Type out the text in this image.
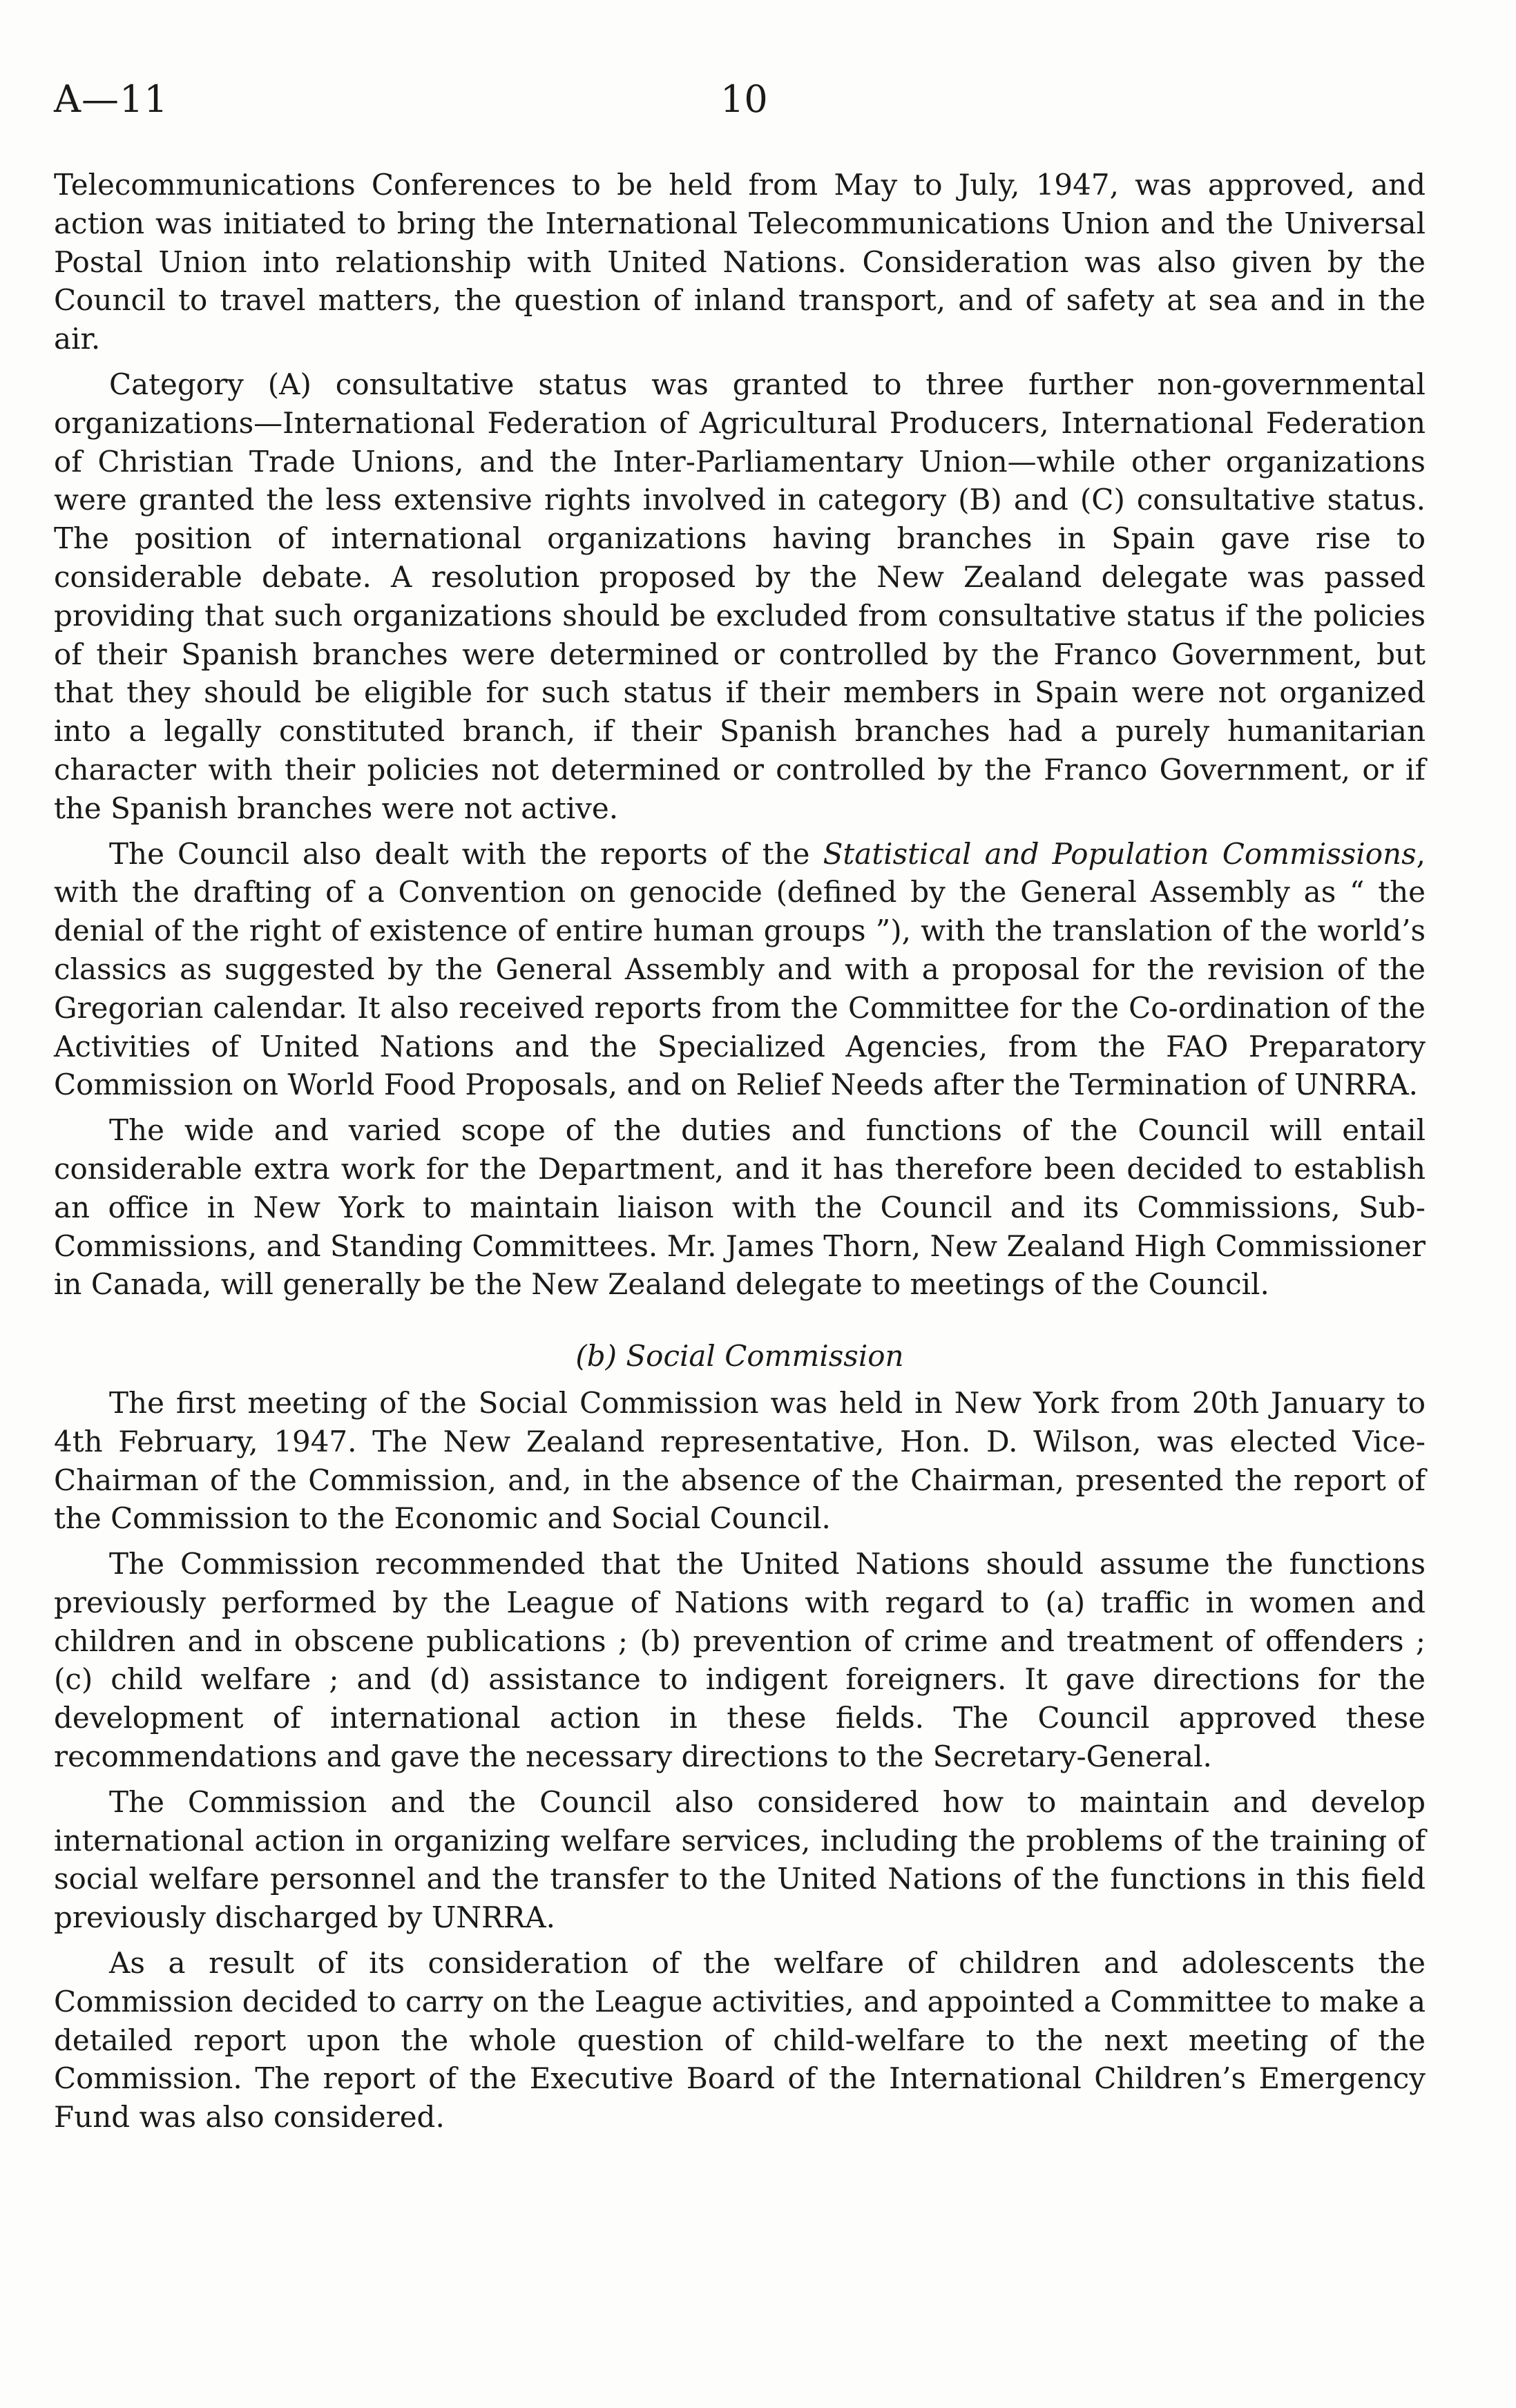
A—11	10

Telecommunications Conferences to be held from May to July, 1947, was approved, and action was initiated to bring the International Telecommunications Union and the Universal Postal Union into relationship with United Nations. Consideration was also given by the Council to travel matters, the question of inland transport, and of safety at sea and in the air.

Category (A) consultative status was granted to three further non-governmental organizations—International Federation of Agricultural Producers, International Federation of Christian Trade Unions, and the Inter-Parliamentary Union—while other organizations were granted the less extensive rights involved in category (B) and (C) consultative status. The position of international organizations having branches in Spain gave rise to considerable debate. A resolution proposed by the New Zealand delegate was passed providing that such organizations should be excluded from consultative status if the policies of their Spanish branches were determined or controlled by the Franco Government, but that they should be eligible for such status if their members in Spain were not organized into a legally constituted branch, if their Spanish branches had a purely humanitarian character with their policies not determined or controlled by the Franco Government, or if the Spanish branches were not active.

The Council also dealt with the reports of the Statistical and Population Commissions, with the drafting of a Convention on genocide (defined by the General Assembly as “ the denial of the right of existence of entire human groups ”), with the translation of the world’s classics as suggested by the General Assembly and with a proposal for the revision of the Gregorian calendar. It also received reports from the Committee for the Co-ordination of the Activities of United Nations and the Specialized Agencies, from the FAO Preparatory Commission on World Food Proposals, and on Relief Needs after the Termination of UNRRA.

The wide and varied scope of the duties and functions of the Council will entail considerable extra work for the Department, and it has therefore been decided to establish an office in New York to maintain liaison with the Council and its Commissions, Sub-Commissions, and Standing Committees. Mr. James Thorn, New Zealand High Commissioner in Canada, will generally be the New Zealand delegate to meetings of the Council.

(b) Social Commission

The first meeting of the Social Commission was held in New York from 20th January to 4th February, 1947. The New Zealand representative, Hon. D. Wilson, was elected Vice-Chairman of the Commission, and, in the absence of the Chairman, presented the report of the Commission to the Economic and Social Council.

The Commission recommended that the United Nations should assume the functions previously performed by the League of Nations with regard to (a) traffic in women and children and in obscene publications ; (b) prevention of crime and treatment of offenders ; (c) child welfare ; and (d) assistance to indigent foreigners. It gave directions for the development of international action in these fields. The Council approved these recommendations and gave the necessary directions to the Secretary-General.

The Commission and the Council also considered how to maintain and develop international action in organizing welfare services, including the problems of the training of social welfare personnel and the transfer to the United Nations of the functions in this field previously discharged by UNRRA.

As a result of its consideration of the welfare of children and adolescents the Commission decided to carry on the League activities, and appointed a Committee to make a detailed report upon the whole question of child-welfare to the next meeting of the Commission. The report of the Executive Board of the International Children’s Emergency Fund was also considered.
